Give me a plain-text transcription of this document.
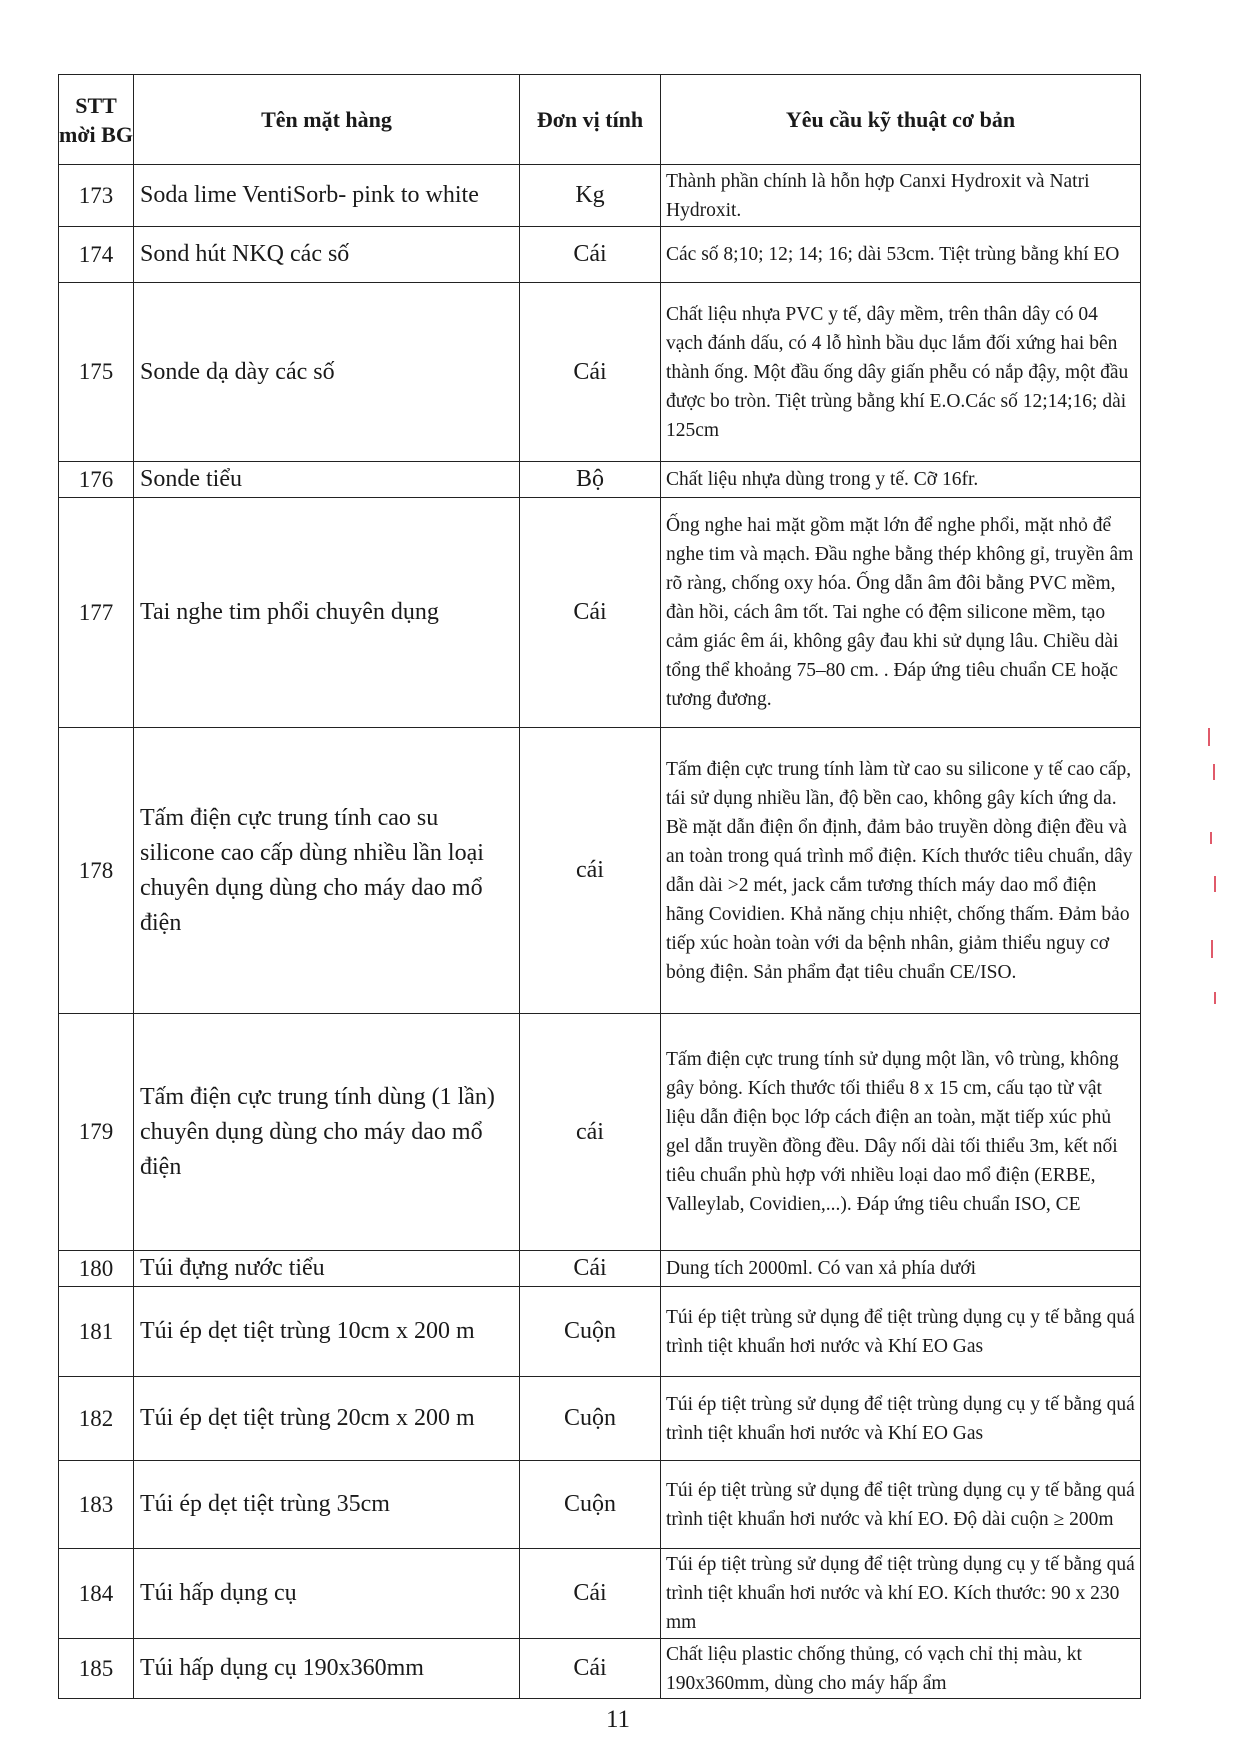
STT mời BG	Tên mặt hàng	Đơn vị tính	Yêu cầu kỹ thuật cơ bản
173	Soda lime VentiSorb- pink to white	Kg	Thành phần chính là hỗn hợp Canxi Hydroxit và Natri Hydroxit.
174	Sond hút NKQ các số	Cái	Các số 8;10; 12; 14; 16; dài 53cm. Tiệt trùng bằng khí EO
175	Sonde dạ dày các số	Cái	Chất liệu nhựa PVC y tế, dây mềm, trên thân dây có 04 vạch đánh dấu, có 4 lỗ hình bầu dục lắm đối xứng hai bên thành ống. Một đầu ống dây giấn phễu có nắp đậy, một đầu được bo tròn. Tiệt trùng bằng khí E.O.Các số 12;14;16; dài 125cm
176	Sonde tiểu	Bộ	Chất liệu nhựa dùng trong y tế. Cỡ 16fr.
177	Tai nghe tim phổi chuyên dụng	Cái	Ống nghe hai mặt gồm mặt lớn để nghe phổi, mặt nhỏ để nghe tim và mạch. Đầu nghe bằng thép không gỉ, truyền âm rõ ràng, chống oxy hóa. Ống dẫn âm đôi bằng PVC mềm, đàn hồi, cách âm tốt. Tai nghe có đệm silicone mềm, tạo cảm giác êm ái, không gây đau khi sử dụng lâu. Chiều dài tổng thể khoảng 75–80 cm. . Đáp ứng tiêu chuẩn CE hoặc tương đương.
178	Tấm điện cực trung tính cao su silicone cao cấp dùng nhiều lần loại chuyên dụng dùng cho máy dao mổ điện	cái	Tấm điện cực trung tính làm từ cao su silicone y tế cao cấp, tái sử dụng nhiều lần, độ bền cao, không gây kích ứng da. Bề mặt dẫn điện ổn định, đảm bảo truyền dòng điện đều và an toàn trong quá trình mổ điện. Kích thước tiêu chuẩn, dây dẫn dài >2 mét, jack cắm tương thích máy dao mổ điện hãng Covidien. Khả năng chịu nhiệt, chống thấm. Đảm bảo tiếp xúc hoàn toàn với da bệnh nhân, giảm thiểu nguy cơ bỏng điện. Sản phẩm đạt tiêu chuẩn CE/ISO.
179	Tấm điện cực trung tính dùng (1 lần) chuyên dụng dùng cho máy dao mổ điện	cái	Tấm điện cực trung tính sử dụng một lần, vô trùng, không gây bỏng. Kích thước tối thiểu 8 x 15 cm, cấu tạo từ vật liệu dẫn điện bọc lớp cách điện an toàn, mặt tiếp xúc phủ gel dẫn truyền đồng đều. Dây nối dài tối thiểu 3m, kết nối tiêu chuẩn phù hợp với nhiều loại dao mổ điện (ERBE, Valleylab, Covidien,...). Đáp ứng tiêu chuẩn ISO, CE
180	Túi đựng nước tiểu	Cái	Dung tích 2000ml. Có van xả phía dưới
181	Túi ép dẹt tiệt trùng 10cm x 200 m	Cuộn	Túi ép tiệt trùng sử dụng để tiệt trùng dụng cụ y tế bằng quá trình tiệt khuẩn hơi nước và Khí EO Gas
182	Túi ép dẹt tiệt trùng 20cm x 200 m	Cuộn	Túi ép tiệt trùng sử dụng để tiệt trùng dụng cụ y tế bằng quá trình tiệt khuẩn hơi nước và Khí EO Gas
183	Túi ép dẹt tiệt trùng 35cm	Cuộn	Túi ép tiệt trùng sử dụng để tiệt trùng dụng cụ y tế bằng quá trình tiệt khuẩn hơi nước và khí EO. Độ dài cuộn ≥ 200m
184	Túi hấp dụng cụ	Cái	Túi ép tiệt trùng sử dụng để tiệt trùng dụng cụ y tế bằng quá trình tiệt khuẩn hơi nước và khí EO. Kích thước: 90 x 230 mm
185	Túi hấp dụng cụ 190x360mm	Cái	Chất liệu plastic chống thủng, có vạch chỉ thị màu, kt 190x360mm, dùng cho máy hấp ẩm
11
